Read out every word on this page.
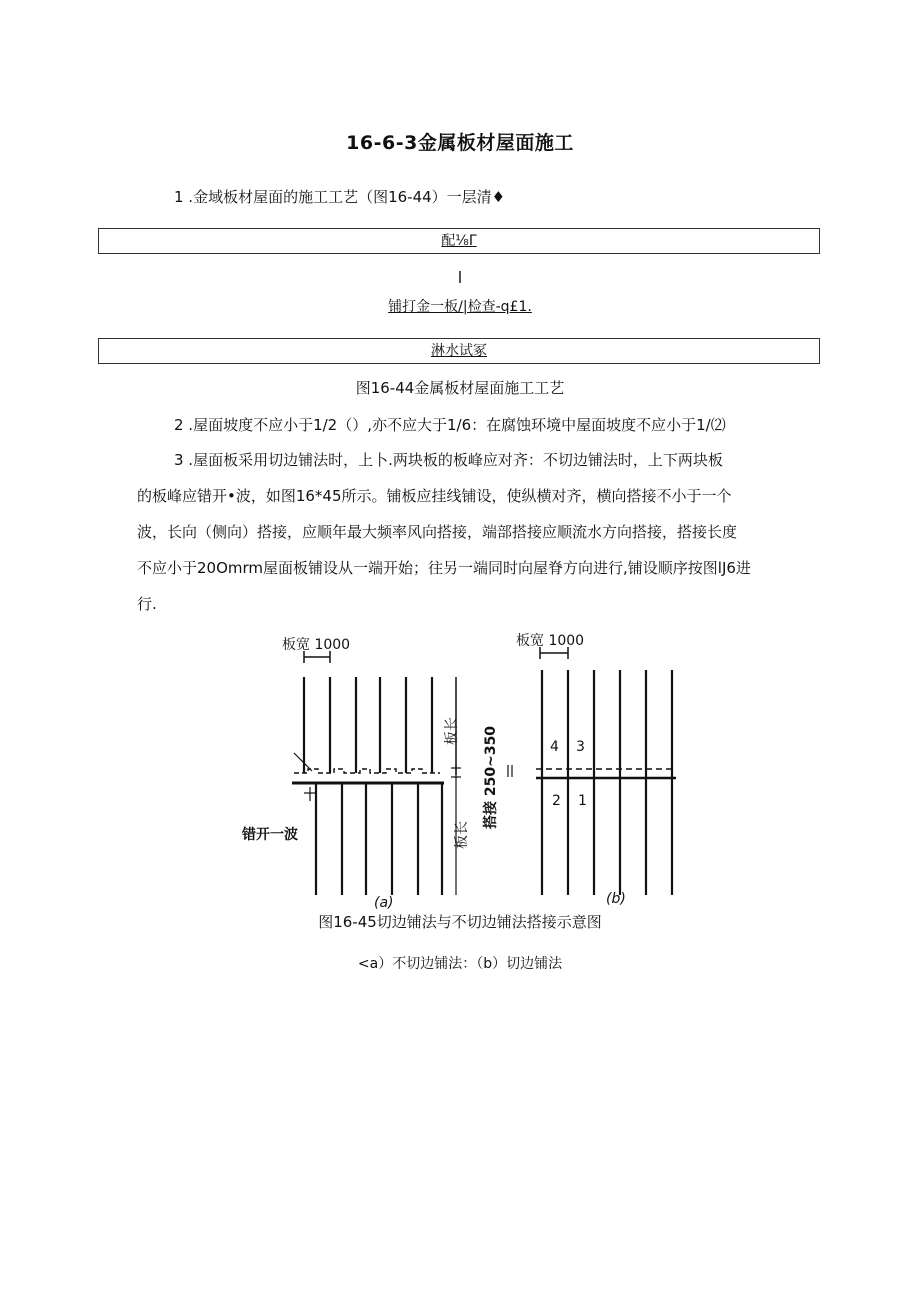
16-6-3金属板材屋面施工
1 .金域板材屋面的施工工艺（图16-44）一层清♦
配⅛Γ
l
铺打金一板/|检查-q£1.
淋水试冢
图16-44金属板材屋面施工工艺
2 .屋面坡度不应小于1/2（）,亦不应大于1/6：在腐蚀环境中屋面坡度不应小于1/⑵
3 .屋面板采用切边铺法时，上卜.两块板的板峰应对齐：不切边铺法时，上下两块板
的板峰应错开•波，如图16*45所示。铺板应挂线铺设，使纵横对齐，横向搭接不小于一个
波，长向（侧向）搭接，应顺年最大频率风向搭接，端部搭接应顺流水方向搭接，搭接长度
不应小于20Omrm屋面板铺设从一端开始；往另一端同时向屋脊方向进行,铺设顺序按图lJ6进
行.
板宽 1000	板宽 1000
板长
板长
搭接 250~350
错开一波
4 3
2 1
(a)	(b)
图16-45切边铺法与不切边铺法搭接示意图
<a）不切边铺法：（b）切边铺法
